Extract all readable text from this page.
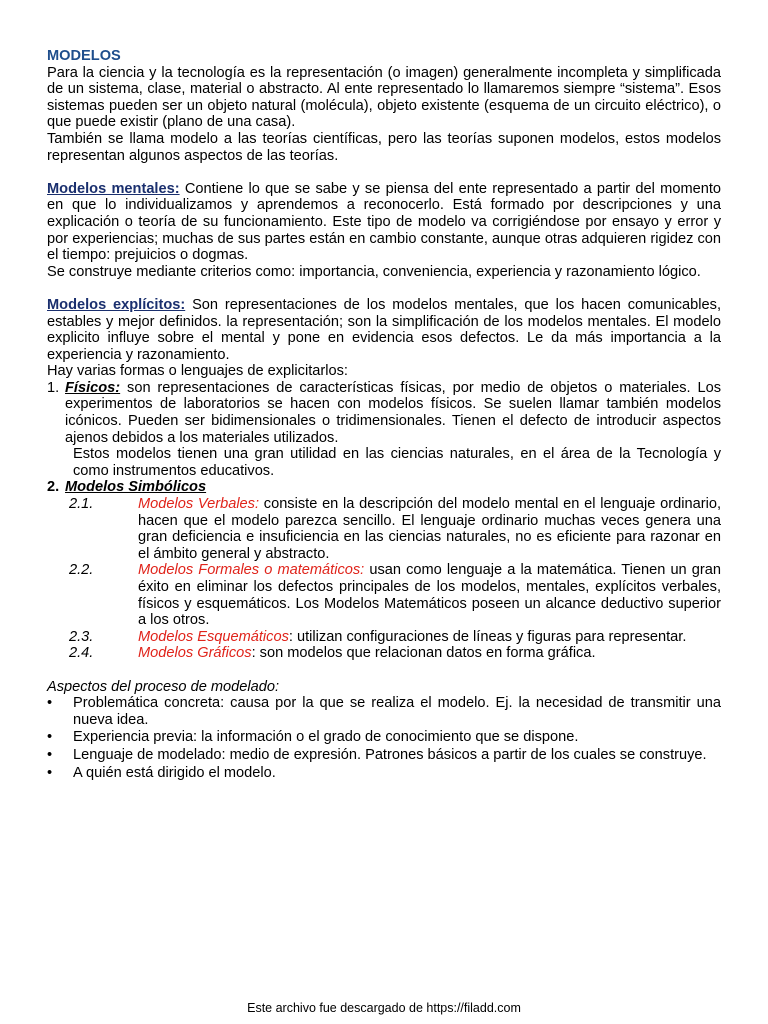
MODELOS

Para la ciencia y la tecnología es la representación (o imagen) generalmente incompleta y simplificada de un sistema, clase, material o abstracto. Al ente representado lo llamaremos siempre “sistema”. Esos sistemas pueden ser un objeto natural (molécula), objeto existente (esquema de un circuito eléctrico), o que puede existir (plano de una casa).

También se llama modelo a las teorías científicas, pero las teorías suponen modelos, estos modelos representan algunos aspectos de las teorías.

Modelos mentales: Contiene lo que se sabe y se piensa del ente representado a partir del momento en que lo individualizamos y aprendemos a reconocerlo. Está formado por descripciones y una explicación o teoría de su funcionamiento. Este tipo de modelo va corrigiéndose por ensayo y error y por experiencias; muchas de sus partes están en cambio constante, aunque otras adquieren rigidez con el tiempo: prejuicios o dogmas.

Se construye mediante criterios como: importancia, conveniencia, experiencia y razonamiento lógico.

Modelos explícitos: Son representaciones de los modelos mentales, que los hacen comunicables, estables y mejor definidos. la representación; son la simplificación de los modelos mentales. El modelo explicito influye sobre el mental y pone en evidencia esos defectos. Le da más importancia a la experiencia y razonamiento.

Hay varias formas o lenguajes de explicitarlos:

1. Físicos: son representaciones de características físicas, por medio de objetos o materiales. Los experimentos de laboratorios se hacen con modelos físicos. Se suelen llamar también modelos icónicos. Pueden ser bidimensionales o tridimensionales. Tienen el defecto de introducir aspectos ajenos debidos a los materiales utilizados.

Estos modelos tienen una gran utilidad en las ciencias naturales, en el área de la Tecnología y como instrumentos educativos.

2. Modelos Simbólicos
2.1.	Modelos Verbales: consiste en la descripción del modelo mental en el lenguaje ordinario, hacen que el modelo parezca sencillo. El lenguaje ordinario muchas veces genera una gran deficiencia e insuficiencia en las ciencias naturales, no es eficiente para razonar en el ámbito general y abstracto.
2.2.	Modelos Formales o matemáticos: usan como lenguaje a la matemática. Tienen un gran éxito en eliminar los defectos principales de los modelos, mentales, explícitos verbales, físicos y esquemáticos. Los Modelos Matemáticos poseen un alcance deductivo superior a los otros.
2.3.	Modelos Esquemáticos: utilizan configuraciones de líneas y figuras para representar.
2.4.	Modelos Gráficos: son modelos que relacionan datos en forma gráfica.

Aspectos del proceso de modelado:

•	Problemática concreta: causa por la que se realiza el modelo. Ej. la necesidad de transmitir una nueva idea.
•	Experiencia previa: la información o el grado de conocimiento que se dispone.
•	Lenguaje de modelado: medio de expresión. Patrones básicos a partir de los cuales se construye.
•	A quién está dirigido el modelo.
Este archivo fue descargado de https://filadd.com
